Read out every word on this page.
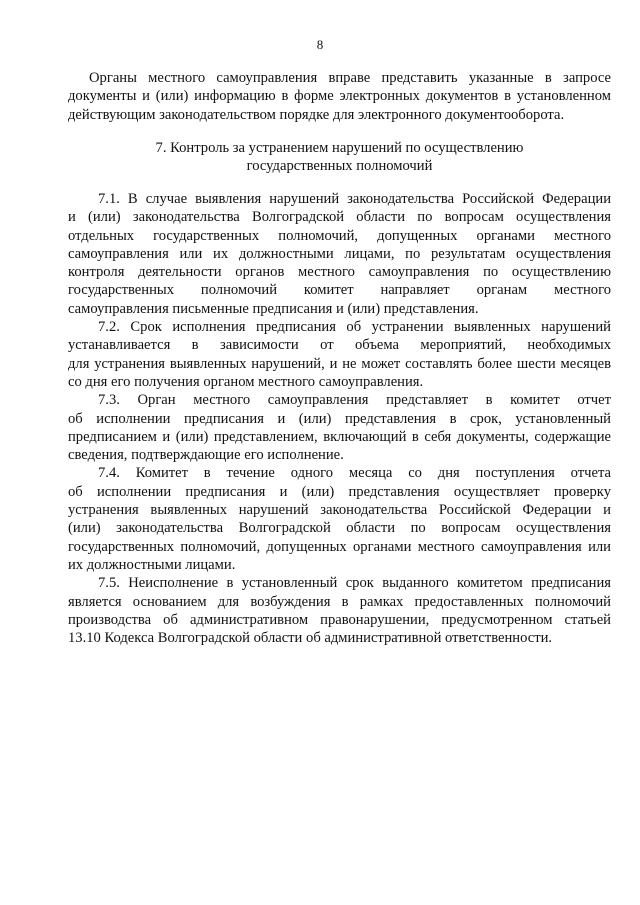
8
Органы местного самоуправления вправе представить указанные в запросе
документы и (или) информацию в форме электронных документов в установленном
действующим законодательством порядке для электронного документооборота.
7. Контроль за устранением нарушений по осуществлению
государственных полномочий
7.1. В случае выявления нарушений законодательства Российской Федерации
и (или) законодательства Волгоградской области по вопросам осуществления
отдельных государственных полномочий, допущенных органами местного
самоуправления или их должностными лицами, по результатам осуществления
контроля деятельности органов местного самоуправления по осуществлению
государственных полномочий комитет направляет органам местного
самоуправления письменные предписания и (или) представления.
7.2. Срок исполнения предписания об устранении выявленных нарушений
устанавливается в зависимости от объема мероприятий, необходимых
для устранения выявленных нарушений, и не может составлять более шести месяцев
со дня его получения органом местного самоуправления.
7.3. Орган местного самоуправления представляет в комитет отчет
об исполнении предписания и (или) представления в срок, установленный
предписанием и (или) представлением, включающий в себя документы, содержащие
сведения, подтверждающие его исполнение.
7.4. Комитет в течение одного месяца со дня поступления отчета
об исполнении предписания и (или) представления осуществляет проверку
устранения выявленных нарушений законодательства Российской Федерации и
(или) законодательства Волгоградской области по вопросам осуществления
государственных полномочий, допущенных органами местного самоуправления или
их должностными лицами.
7.5. Неисполнение в установленный срок выданного комитетом предписания
является основанием для возбуждения в рамках предоставленных полномочий
производства об административном правонарушении, предусмотренном статьей
13.10 Кодекса Волгоградской области об административной ответственности.
